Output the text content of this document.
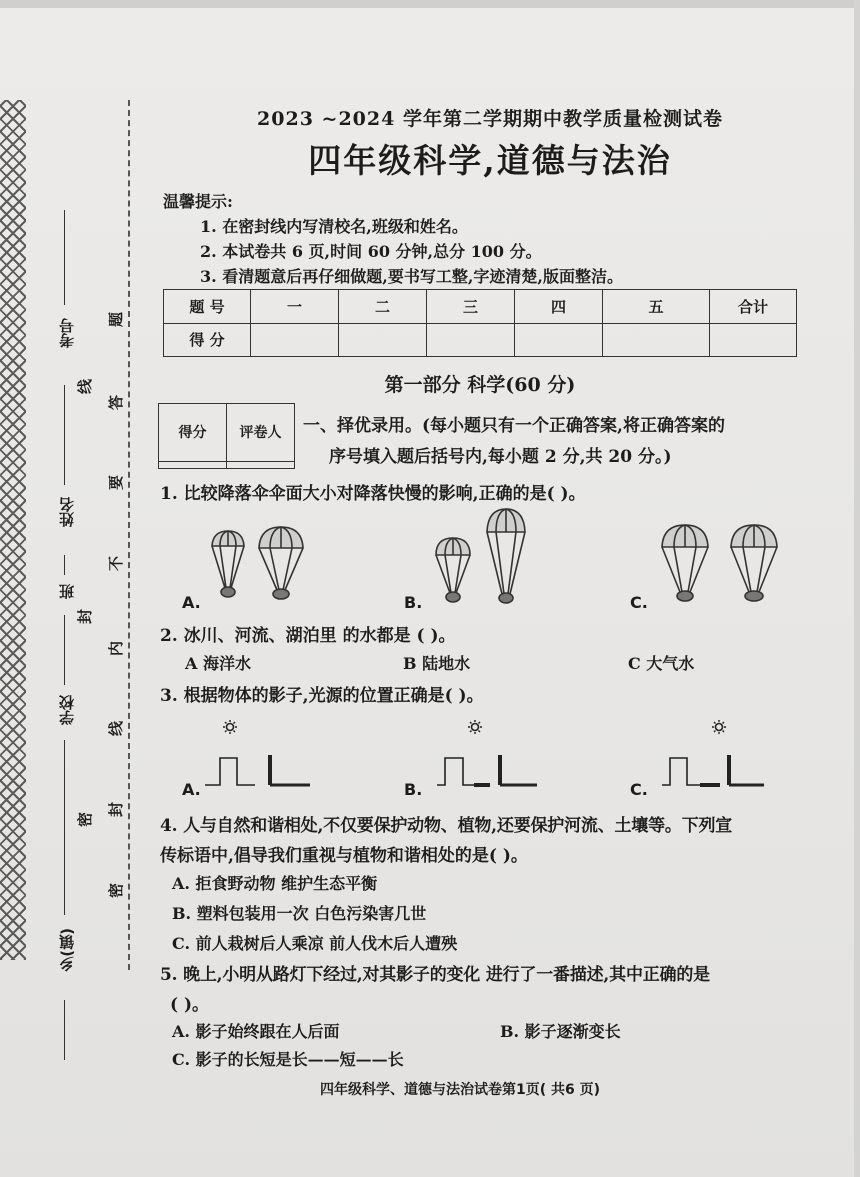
考号
姓名
班
学校
乡(镇)
线
封
密
题
答
要
不
内
线
封
密
2023 ~2024 学年第二学期期中教学质量检测试卷
四年级科学,道德与法治
温馨提示:
1. 在密封线内写清校名,班级和姓名。
2. 本试卷共 6 页,时间 60 分钟,总分 100 分。
3. 看清题意后再仔细做题,要书写工整,字迹清楚,版面整洁。
题 号	一	二	三	四	五	合计
得 分						
第一部分 科学(60 分)
得分	评卷人
	一、择优录用。(每小题只有一个正确答案,将正确答案的
序号填入题后括号内,每小题 2 分,共 20 分。)
1. 比较降落伞伞面大小对降落快慢的影响,正确的是( )。
A.	B.	C.
2. 冰川、河流、湖泊里 的水都是 ( )。
A 海洋水	B 陆地水	C 大气水
3. 根据物体的影子,光源的位置正确是( )。
A.	B.	C.
4. 人与自然和谐相处,不仅要保护动物、植物,还要保护河流、土壤等。下列宣
传标语中,倡导我们重视与植物和谐相处的是( )。
A. 拒食野动物 维护生态平衡
B. 塑料包装用一次 白色污染害几世
C. 前人栽树后人乘凉 前人伐木后人遭殃
5. 晚上,小明从路灯下经过,对其影子的变化 进行了一番描述,其中正确的是
( )。
A. 影子始终跟在人后面	B. 影子逐渐变长
C. 影子的长短是长——短——长
四年级科学、道德与法治试卷第1页( 共6 页)
